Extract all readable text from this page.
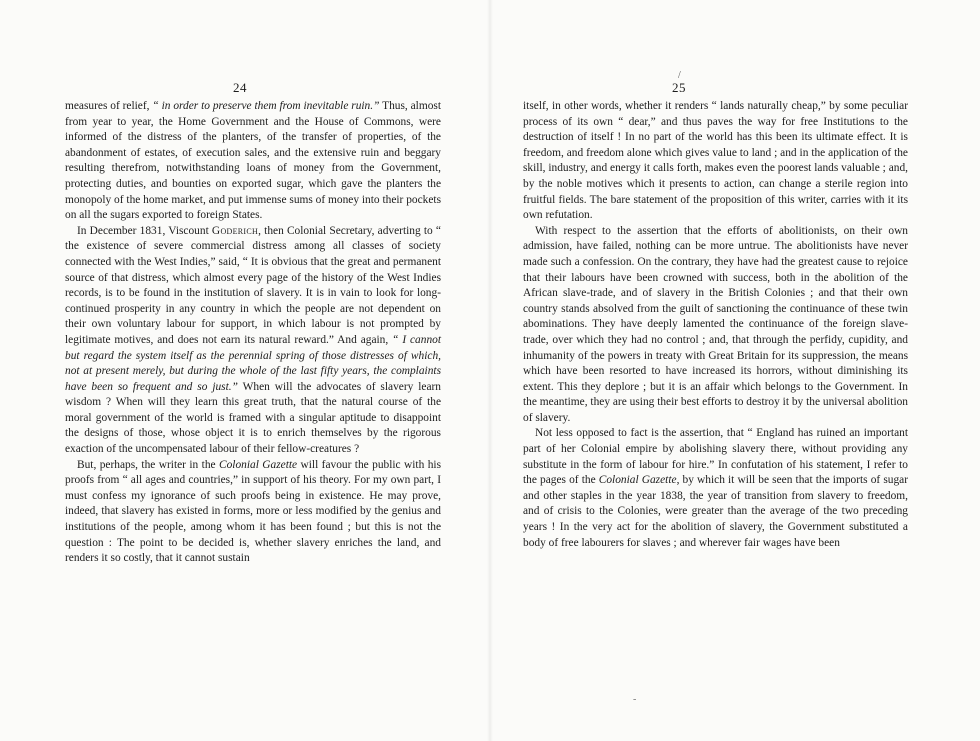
24

measures of relief, “ in order to preserve them from inevitable ruin.” Thus, almost from year to year, the Home Government and the House of Commons, were informed of the distress of the planters, of the transfer of properties, of the abandonment of estates, of execution sales, and the extensive ruin and beggary resulting therefrom, notwithstanding loans of money from the Government, protecting duties, and bounties on exported sugar, which gave the planters the monopoly of the home market, and put immense sums of money into their pockets on all the sugars exported to foreign States.

In December 1831, Viscount Goderich, then Colonial Secretary, adverting to “ the existence of severe commercial distress among all classes of society connected with the West Indies,” said, “ It is obvious that the great and permanent source of that distress, which almost every page of the history of the West Indies records, is to be found in the institution of slavery. It is in vain to look for long-continued prosperity in any country in which the people are not dependent on their own voluntary labour for support, in which labour is not prompted by legitimate motives, and does not earn its natural reward.” And again, “ I cannot but regard the system itself as the perennial spring of those distresses of which, not at present merely, but during the whole of the last fifty years, the complaints have been so frequent and so just.” When will the advocates of slavery learn wisdom ? When will they learn this great truth, that the natural course of the moral government of the world is framed with a singular aptitude to disappoint the designs of those, whose object it is to enrich themselves by the rigorous exaction of the uncompensated labour of their fellow-creatures ?

But, perhaps, the writer in the Colonial Gazette will favour the public with his proofs from “ all ages and countries,” in support of his theory. For my own part, I must confess my ignorance of such proofs being in existence. He may prove, indeed, that slavery has existed in forms, more or less modified by the genius and institutions of the people, among whom it has been found ; but this is not the question : The point to be decided is, whether slavery enriches the land, and renders it so costly, that it cannot sustain

/
25

itself, in other words, whether it renders “ lands naturally cheap,” by some peculiar process of its own “ dear,” and thus paves the way for free Institutions to the destruction of itself ! In no part of the world has this been its ultimate effect. It is freedom, and freedom alone which gives value to land ; and in the application of the skill, industry, and energy it calls forth, makes even the poorest lands valuable ; and, by the noble motives which it presents to action, can change a sterile region into fruitful fields. The bare statement of the proposition of this writer, carries with it its own refutation.

With respect to the assertion that the efforts of abolitionists, on their own admission, have failed, nothing can be more untrue. The abolitionists have never made such a confession. On the contrary, they have had the greatest cause to rejoice that their labours have been crowned with success, both in the abolition of the African slave-trade, and of slavery in the British Colonies ; and that their own country stands absolved from the guilt of sanctioning the continuance of these twin abominations. They have deeply lamented the continuance of the foreign slave-trade, over which they had no control ; and, that through the perfidy, cupidity, and inhumanity of the powers in treaty with Great Britain for its suppression, the means which have been resorted to have increased its horrors, without diminishing its extent. This they deplore ; but it is an affair which belongs to the Government. In the meantime, they are using their best efforts to destroy it by the universal abolition of slavery.

Not less opposed to fact is the assertion, that “ England has ruined an important part of her Colonial empire by abolishing slavery there, without providing any substitute in the form of labour for hire.” In confutation of his statement, I refer to the pages of the Colonial Gazette, by which it will be seen that the imports of sugar and other staples in the year 1838, the year of transition from slavery to freedom, and of crisis to the Colonies, were greater than the average of the two preceding years ! In the very act for the abolition of slavery, the Government substituted a body of free labourers for slaves ; and wherever fair wages have been

-
